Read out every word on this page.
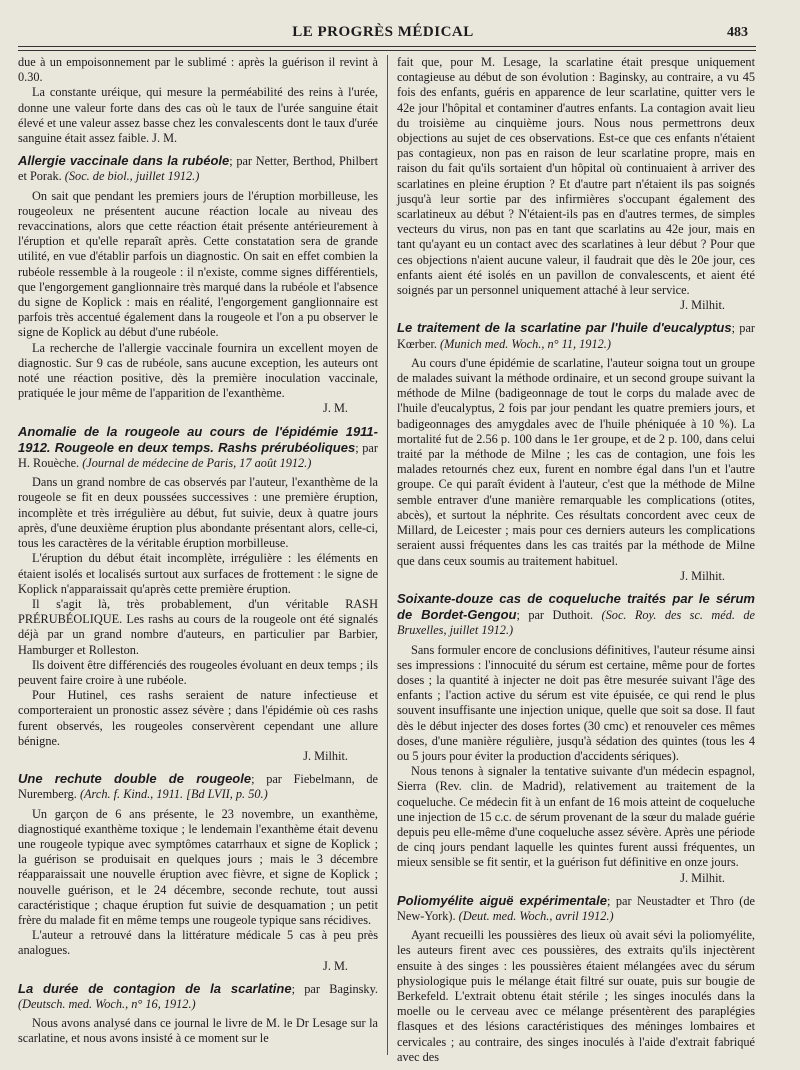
LE PROGRÈS MÉDICAL	483

due à un empoisonnement par le sublimé : après la guérison il revint à 0.30.

La constante uréique, qui mesure la perméabilité des reins à l'urée, donne une valeur forte dans des cas où le taux de l'urée sanguine était élevé et une valeur assez basse chez les convalescents dont le taux d'urée sanguine était assez faible. J. M.

Allergie vaccinale dans la rubéole; par Netter, Berthod, Philbert et Porak. (Soc. de biol., juillet 1912.)

On sait que pendant les premiers jours de l'éruption morbilleuse, les rougeoleux ne présentent aucune réaction locale au niveau des revaccinations, alors que cette réaction était présente antérieurement à l'éruption et qu'elle reparaît après. Cette constatation sera de grande utilité, en vue d'établir parfois un diagnostic. On sait en effet combien la rubéole ressemble à la rougeole : il n'existe, comme signes différentiels, que l'engorgement ganglionnaire très marqué dans la rubéole et l'absence du signe de Koplick : mais en réalité, l'engorgement ganglionnaire est parfois très accentué également dans la rougeole et l'on a pu observer le signe de Koplick au début d'une rubéole.

La recherche de l'allergie vaccinale fournira un excellent moyen de diagnostic. Sur 9 cas de rubéole, sans aucune exception, les auteurs ont noté une réaction positive, dès la première inoculation vaccinale, pratiquée le jour même de l'apparition de l'exanthème.

J. M.

Anomalie de la rougeole au cours de l'épidémie 1911-1912. Rougeole en deux temps. Rashs prérubéoliques; par H. Rouèche. (Journal de médecine de Paris, 17 août 1912.)

Dans un grand nombre de cas observés par l'auteur, l'exanthème de la rougeole se fit en deux poussées successives : une première éruption, incomplète et très irrégulière au début, fut suivie, deux à quatre jours après, d'une deuxième éruption plus abondante présentant alors, celle-ci, tous les caractères de la véritable éruption morbilleuse.

L'éruption du début était incomplète, irrégulière : les éléments en étaient isolés et localisés surtout aux surfaces de frottement : le signe de Koplick n'apparaissait qu'après cette première éruption.

Il s'agit là, très probablement, d'un véritable RASH PRÉRUBÉOLIQUE. Les rashs au cours de la rougeole ont été signalés déjà par un grand nombre d'auteurs, en particulier par Barbier, Hamburger et Rolleston.

Ils doivent être différenciés des rougeoles évoluant en deux temps ; ils peuvent faire croire à une rubéole.

Pour Hutinel, ces rashs seraient de nature infectieuse et comporteraient un pronostic assez sévère ; dans l'épidémie où ces rashs furent observés, les rougeoles conservèrent cependant une allure bénigne.

J. Milhit.

Une rechute double de rougeole; par Fiebelmann, de Nuremberg. (Arch. f. Kind., 1911. [Bd LVII, p. 50.)

Un garçon de 6 ans présente, le 23 novembre, un exanthème, diagnostiqué exanthème toxique ; le lendemain l'exanthème était devenu une rougeole typique avec symptômes catarrhaux et signe de Koplick ; la guérison se produisait en quelques jours ; mais le 3 décembre réapparaissait une nouvelle éruption avec fièvre, et signe de Koplick ; nouvelle guérison, et le 24 décembre, seconde rechute, tout aussi caractéristique ; chaque éruption fut suivie de desquamation ; un petit frère du malade fit en même temps une rougeole typique sans récidives.

L'auteur a retrouvé dans la littérature médicale 5 cas à peu près analogues.

J. M.

La durée de contagion de la scarlatine; par Baginsky. (Deutsch. med. Woch., n° 16, 1912.)

Nous avons analysé dans ce journal le livre de M. le Dr Lesage sur la scarlatine, et nous avons insisté à ce moment sur le

fait que, pour M. Lesage, la scarlatine était presque uniquement contagieuse au début de son évolution : Baginsky, au contraire, a vu 45 fois des enfants, guéris en apparence de leur scarlatine, quitter vers le 42e jour l'hôpital et contaminer d'autres enfants. La contagion avait lieu du troisième au cinquième jours. Nous nous permettrons deux objections au sujet de ces observations. Est-ce que ces enfants n'étaient pas contagieux, non pas en raison de leur scarlatine propre, mais en raison du fait qu'ils sortaient d'un hôpital où continuaient à arriver des scarlatines en pleine éruption ? Et d'autre part n'étaient ils pas soignés jusqu'à leur sortie par des infirmières s'occupant également des scarlatineux au début ? N'étaient-ils pas en d'autres termes, de simples vecteurs du virus, non pas en tant que scarlatins au 42e jour, mais en tant qu'ayant eu un contact avec des scarlatines à leur début ? Pour que ces objections n'aient aucune valeur, il faudrait que dès le 20e jour, ces enfants aient été isolés en un pavillon de convalescents, et aient été soignés par un personnel uniquement attaché à leur service.

J. Milhit.

Le traitement de la scarlatine par l'huile d'eucalyptus; par Kœrber. (Munich med. Woch., n° 11, 1912.)

Au cours d'une épidémie de scarlatine, l'auteur soigna tout un groupe de malades suivant la méthode ordinaire, et un second groupe suivant la méthode de Milne (badigeonnage de tout le corps du malade avec de l'huile d'eucalyptus, 2 fois par jour pendant les quatre premiers jours, et badigeonnages des amygdales avec de l'huile phéniquée à 10 %). La mortalité fut de 2.56 p. 100 dans le 1er groupe, et de 2 p. 100, dans celui traité par la méthode de Milne ; les cas de contagion, une fois les malades retournés chez eux, furent en nombre égal dans l'un et l'autre groupe. Ce qui paraît évident à l'auteur, c'est que la méthode de Milne semble entraver d'une manière remarquable les complications (otites, abcès), et surtout la néphrite. Ces résultats concordent avec ceux de Millard, de Leicester ; mais pour ces derniers auteurs les complications seraient aussi fréquentes dans les cas traités par la méthode de Milne que dans ceux soumis au traitement habituel.

J. Milhit.

Soixante-douze cas de coqueluche traités par le sérum de Bordet-Gengou; par Duthoit. (Soc. Roy. des sc. méd. de Bruxelles, juillet 1912.)

Sans formuler encore de conclusions définitives, l'auteur résume ainsi ses impressions : l'innocuité du sérum est certaine, même pour de fortes doses ; la quantité à injecter ne doit pas être mesurée suivant l'âge des enfants ; l'action active du sérum est vite épuisée, ce qui rend le plus souvent insuffisante une injection unique, quelle que soit sa dose. Il faut dès le début injecter des doses fortes (30 cmc) et renouveler ces mêmes doses, d'une manière régulière, jusqu'à sédation des quintes (tous les 4 ou 5 jours pour éviter la production d'accidents sériques).

Nous tenons à signaler la tentative suivante d'un médecin espagnol, Sierra (Rev. clin. de Madrid), relativement au traitement de la coqueluche. Ce médecin fit à un enfant de 16 mois atteint de coqueluche une injection de 15 c.c. de sérum provenant de la sœur du malade guérie depuis peu elle-même d'une coqueluche assez sévère. Après une période de cinq jours pendant laquelle les quintes furent aussi fréquentes, un mieux sensible se fit sentir, et la guérison fut définitive en onze jours.

J. Milhit.

Poliomyélite aiguë expérimentale; par Neustadter et Thro (de New-York). (Deut. med. Woch., avril 1912.)

Ayant recueilli les poussières des lieux où avait sévi la poliomyélite, les auteurs firent avec ces poussières, des extraits qu'ils injectèrent ensuite à des singes : les poussières étaient mélangées avec du sérum physiologique puis le mélange était filtré sur ouate, puis sur bougie de Berkefeld. L'extrait obtenu était stérile ; les singes inoculés dans la moelle ou le cerveau avec ce mélange présentèrent des paraplégies flasques et des lésions caractéristiques des méninges lombaires et cervicales ; au contraire, des singes inoculés à l'aide d'extrait fabriqué avec des
